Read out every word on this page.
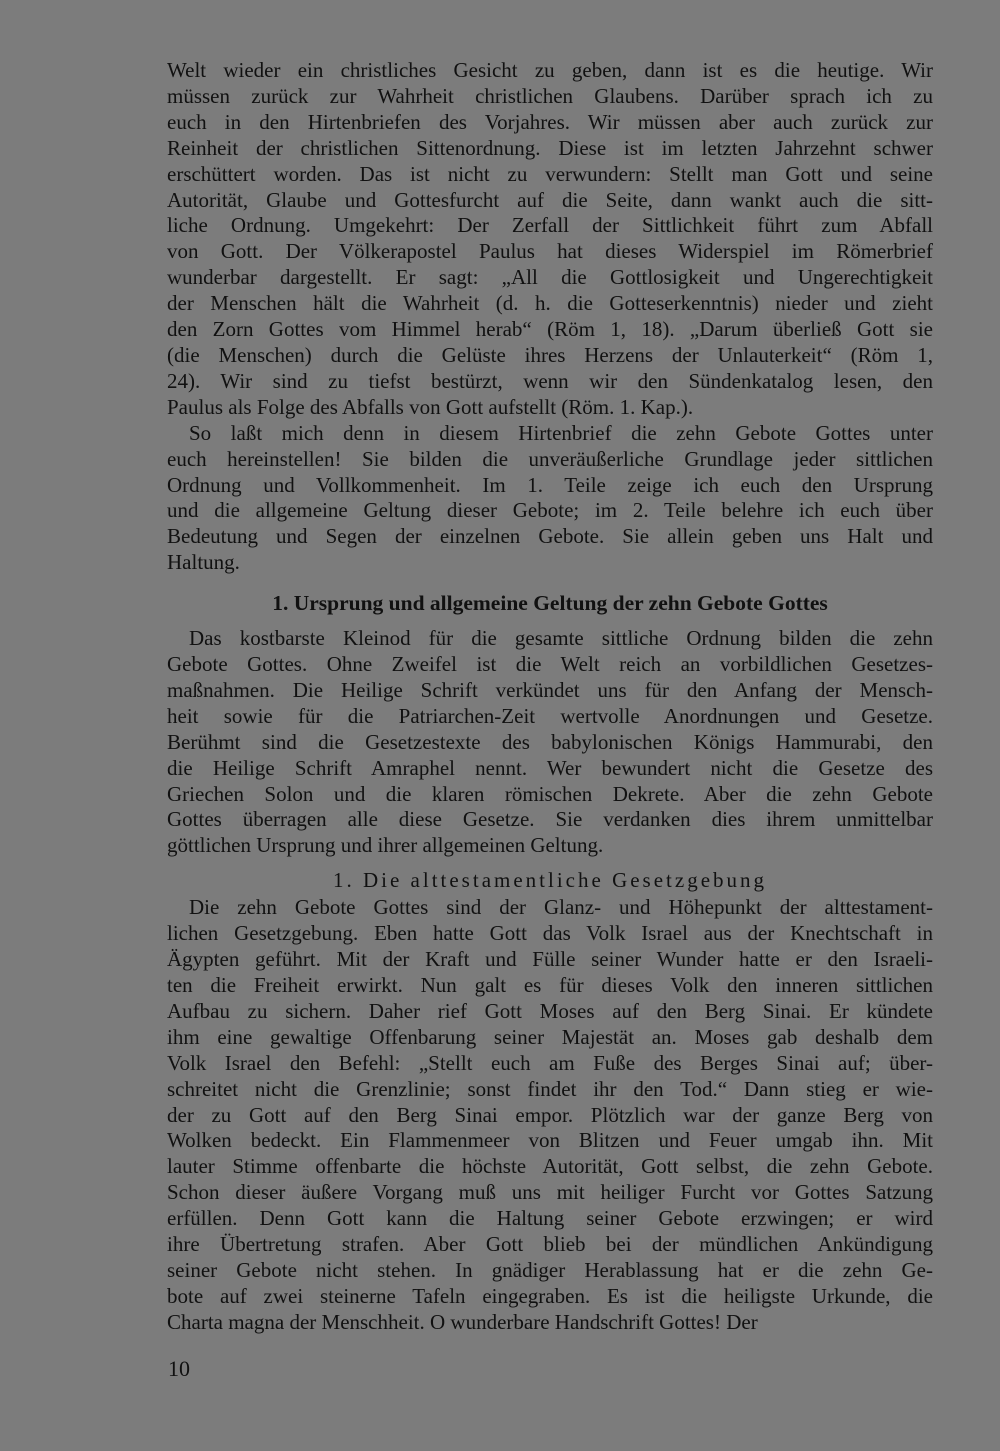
Welt wieder ein christliches Gesicht zu geben, dann ist es die heutige. Wir
müssen zurück zur Wahrheit christlichen Glaubens. Darüber sprach ich zu
euch in den Hirtenbriefen des Vorjahres. Wir müssen aber auch zurück zur
Reinheit der christlichen Sittenordnung. Diese ist im letzten Jahrzehnt schwer
erschüttert worden. Das ist nicht zu verwundern: Stellt man Gott und seine
Autorität, Glaube und Gottesfurcht auf die Seite, dann wankt auch die sitt-
liche Ordnung. Umgekehrt: Der Zerfall der Sittlichkeit führt zum Abfall
von Gott. Der Völkerapostel Paulus hat dieses Widerspiel im Römerbrief
wunderbar dargestellt. Er sagt: „All die Gottlosigkeit und Ungerechtigkeit
der Menschen hält die Wahrheit (d. h. die Gotteserkenntnis) nieder und zieht
den Zorn Gottes vom Himmel herab“ (Röm 1, 18). „Darum überließ Gott sie
(die Menschen) durch die Gelüste ihres Herzens der Unlauterkeit“ (Röm 1,
24). Wir sind zu tiefst bestürzt, wenn wir den Sündenkatalog lesen, den
Paulus als Folge des Abfalls von Gott aufstellt (Röm. 1. Kap.).
So laßt mich denn in diesem Hirtenbrief die zehn Gebote Gottes unter
euch hereinstellen! Sie bilden die unveräußerliche Grundlage jeder sittlichen
Ordnung und Vollkommenheit. Im 1. Teile zeige ich euch den Ursprung
und die allgemeine Geltung dieser Gebote; im 2. Teile belehre ich euch über
Bedeutung und Segen der einzelnen Gebote. Sie allein geben uns Halt und
Haltung.
1. Ursprung und allgemeine Geltung der zehn Gebote Gottes
Das kostbarste Kleinod für die gesamte sittliche Ordnung bilden die zehn
Gebote Gottes. Ohne Zweifel ist die Welt reich an vorbildlichen Gesetzes-
maßnahmen. Die Heilige Schrift verkündet uns für den Anfang der Mensch-
heit sowie für die Patriarchen-Zeit wertvolle Anordnungen und Gesetze.
Berühmt sind die Gesetzestexte des babylonischen Königs Hammurabi, den
die Heilige Schrift Amraphel nennt. Wer bewundert nicht die Gesetze des
Griechen Solon und die klaren römischen Dekrete. Aber die zehn Gebote
Gottes überragen alle diese Gesetze. Sie verdanken dies ihrem unmittelbar
göttlichen Ursprung und ihrer allgemeinen Geltung.
1. Die alttestamentliche Gesetzgebung
Die zehn Gebote Gottes sind der Glanz- und Höhepunkt der alttestament-
lichen Gesetzgebung. Eben hatte Gott das Volk Israel aus der Knechtschaft in
Ägypten geführt. Mit der Kraft und Fülle seiner Wunder hatte er den Israeli-
ten die Freiheit erwirkt. Nun galt es für dieses Volk den inneren sittlichen
Aufbau zu sichern. Daher rief Gott Moses auf den Berg Sinai. Er kündete
ihm eine gewaltige Offenbarung seiner Majestät an. Moses gab deshalb dem
Volk Israel den Befehl: „Stellt euch am Fuße des Berges Sinai auf; über-
schreitet nicht die Grenzlinie; sonst findet ihr den Tod.“ Dann stieg er wie-
der zu Gott auf den Berg Sinai empor. Plötzlich war der ganze Berg von
Wolken bedeckt. Ein Flammenmeer von Blitzen und Feuer umgab ihn. Mit
lauter Stimme offenbarte die höchste Autorität, Gott selbst, die zehn Gebote.
Schon dieser äußere Vorgang muß uns mit heiliger Furcht vor Gottes Satzung
erfüllen. Denn Gott kann die Haltung seiner Gebote erzwingen; er wird
ihre Übertretung strafen. Aber Gott blieb bei der mündlichen Ankündigung
seiner Gebote nicht stehen. In gnädiger Herablassung hat er die zehn Ge-
bote auf zwei steinerne Tafeln eingegraben. Es ist die heiligste Urkunde, die
Charta magna der Menschheit. O wunderbare Handschrift Gottes! Der
10
